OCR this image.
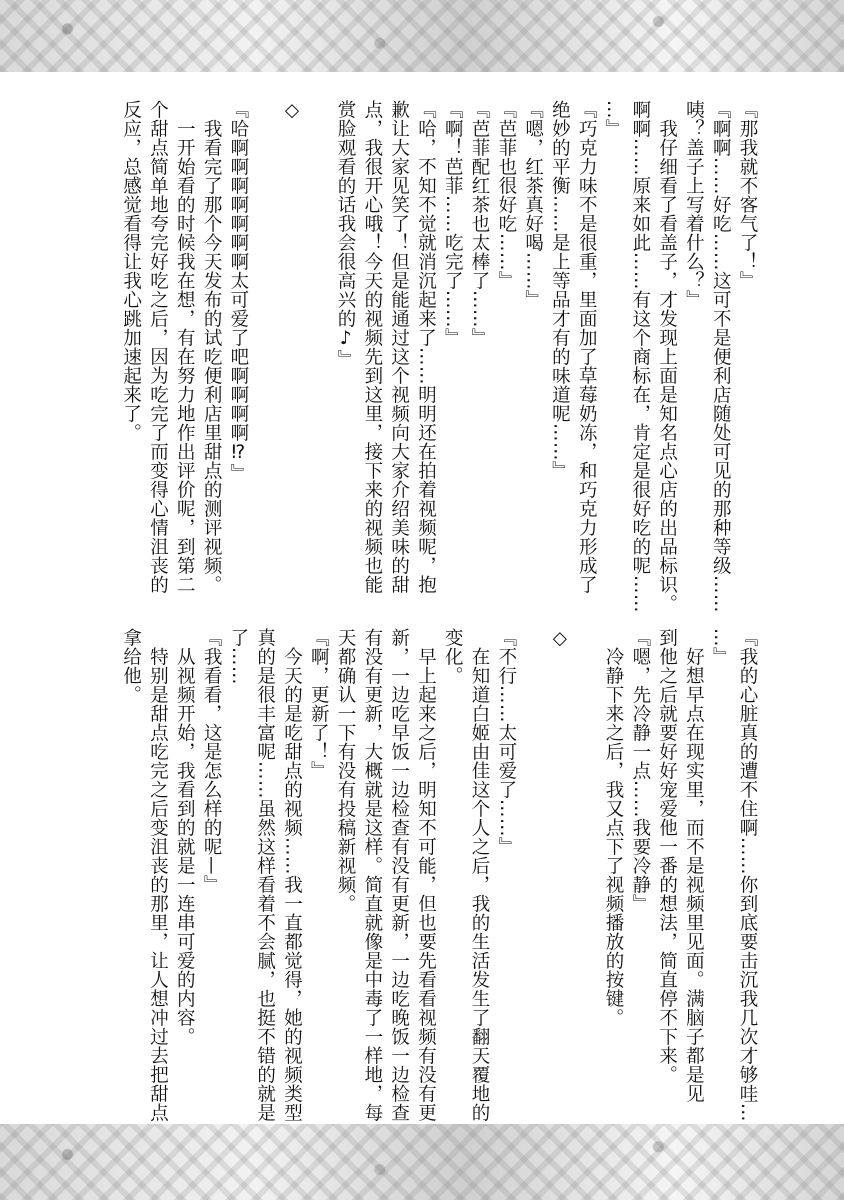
『那我就不客气了！』
『啊啊……好吃……这可不是便利店随处可见的那种等级……
咦？盖子上写着什么？』
　我仔细看了看盖子，才发现上面是知名点心店的出品标识。
啊啊……原来如此……有这个商标在，肯定是很好吃的呢……
…』
『巧克力味不是很重，里面加了草莓奶冻，和巧克力形成了
绝妙的平衡……是上等品才有的味道呢……』
『嗯，红茶真好喝……』
『芭菲也很好吃……』
『芭菲配红茶也太棒了……』
『啊！芭菲……吃完了……』
『哈，不知不觉就消沉起来了……明明还在拍着视频呢，抱
歉让大家见笑了！但是能通过这个视频向大家介绍美味的甜
点，我很开心哦！今天的视频先到这里，接下来的视频也能
赏脸观看的话我会很高兴的♪』

◇

『哈啊啊啊啊啊啊啊太可爱了吧啊啊啊啊⁉』
　我看完了那个今天发布的试吃便利店里甜点的测评视频。
　一开始看的时候我在想，有在努力地作出评价呢，到第二
个甜点简单地夸完好吃之后，因为吃完了而变得心情沮丧的
反应，总感觉看得让我心跳加速起来了。
『我的心脏真的遭不住啊……你到底要击沉我几次才够哇…
…』
　好想早点在现实里，而不是视频里见面。满脑子都是见
到他之后就要好好宠爱他一番的想法，简直停不下来。
『嗯，先冷静一点……我要冷静』
　冷静下来之后，我又点下了视频播放的按键。

◇

『不行……太可爱了……』
　在知道白姬由佳这个人之后，我的生活发生了翻天覆地的
变化。
　早上起来之后，明知不可能，但也要先看看视频有没有更
新，一边吃早饭一边检查有没有更新，一边吃晚饭一边检查
有没有更新，大概就是这样。简直就像是中毒了一样地，每
天都确认一下有没有投稿新视频。
『啊，更新了！』
　今天的是吃甜点的视频……我一直都觉得，她的视频类型
真的是很丰富呢……虽然这样看着不会腻，也挺不错的就是
了……
『我看看，这是怎么样的呢—』
　从视频开始，我看到的就是一连串可爱的内容。
　特别是甜点吃完之后变沮丧的那里，让人想冲过去把甜点
拿给他。
